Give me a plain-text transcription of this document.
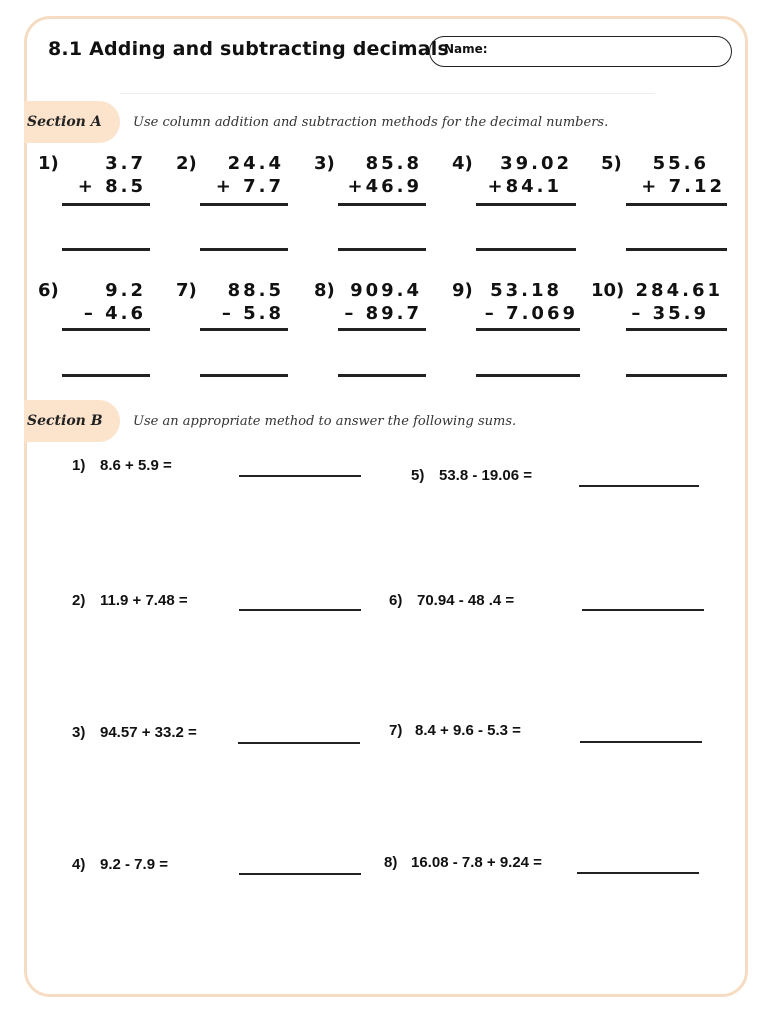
8.1 Adding and subtracting decimals
Name:
Section A	Use column addition and subtraction methods for the decimal numbers.
1)	3.7
+ 8.5
2) 24.4
+ 7.7
3) 85.8
+46.9
4) 39.02
+84.1
5) 55.6
+ 7.12
6)	9.2
– 4.6
7) 88.5
– 5.8
8) 909.4
– 89.7
9) 53.18
– 7.069
10) 284.61
– 35.9
Section B	Use an appropriate method to answer the following sums.
1) 8.6 + 5.9 =
2) 11.9 + 7.48 =
3) 94.57 + 33.2 =
4) 9.2 - 7.9 =
5) 53.8 - 19.06 =
6) 70.94 - 48 .4 =
7) 8.4 + 9.6 - 5.3 =
8) 16.08 - 7.8 + 9.24 =
